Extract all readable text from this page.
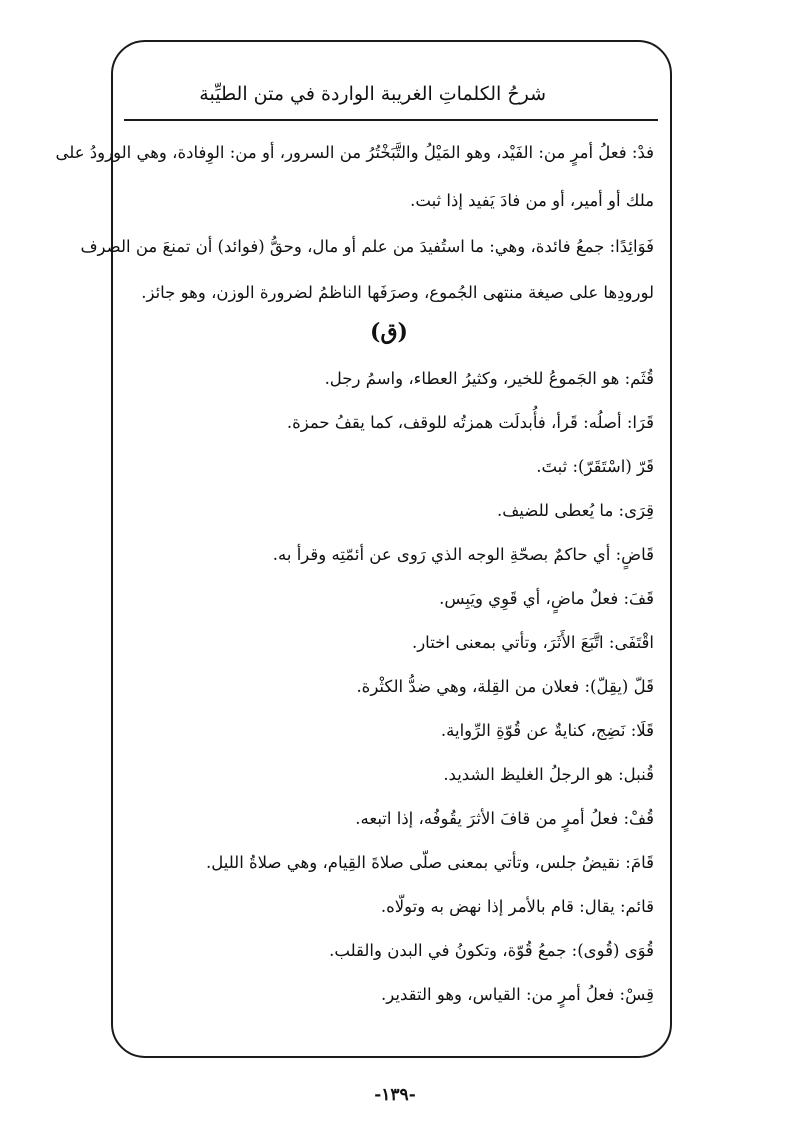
شرحُ الكلماتِ الغريبة الواردة في متن الطيِّبة
فدْ: فعلُ أمرٍ من: الفَيْد، وهو المَيْلُ والتَّبَخْتُرُ من السرور، أو من: الوِفادة، وهي الورودُ على
ملك أو أمير، أو من فادَ يَفيد إذا ثبت.
فَوَائِدًا: جمعُ فائدة، وهي: ما استُفيدَ من علم أو مال، وحقُّ (فوائد) أن تمنعَ من الصرف
لورودِها على صيغة منتهى الجُموع، وصرَفَها الناظمُ لضرورة الوزن، وهو جائز.
(ق)
قُثَم: هو الجَموعُ للخير، وكثيرُ العطاء، واسمُ رجل.
قَرَا: أصلُه: قَرأ، فأُبدلَت همزتُه للوقف، كما يقفُ حمزة.
قَرّ (اسْتَقَرّ): ثبتَ.
قِرَى: ما يُعطى للضيف.
قَاضٍ: أي حاكمٌ بصحّةِ الوجه الذي رَوى عن أئمّتِه وقرأ به.
قَفَ: فعلٌ ماضٍ، أي قَوِي ويَبِس.
اقْتَفَى: اتَّبَعَ الأَثَرَ، وتأتي بمعنى اختار.
قَلّ (يقِلّ): فعلان من القِلة، وهي ضدُّ الكثْرة.
قَلَا: نَضِج، كنايةٌ عن قُوّةِ الرِّواية.
قُنبل: هو الرجلُ الغليظ الشديد.
قُفْ: فعلُ أمرٍ من قافَ الأثرَ يقُوفُه، إذا اتبعه.
قَامَ: نقيضُ جلس، وتأتي بمعنى صلّى صلاةَ القِيام، وهي صلاةُ الليل.
قائم: يقال: قام بالأمر إذا نهض به وتولّاه.
قُوَى (قُوى): جمعُ قُوّة، وتكونُ في البدن والقلب.
قِسْ: فعلُ أمرٍ من: القياس، وهو التقدير.
-١٣٩-
